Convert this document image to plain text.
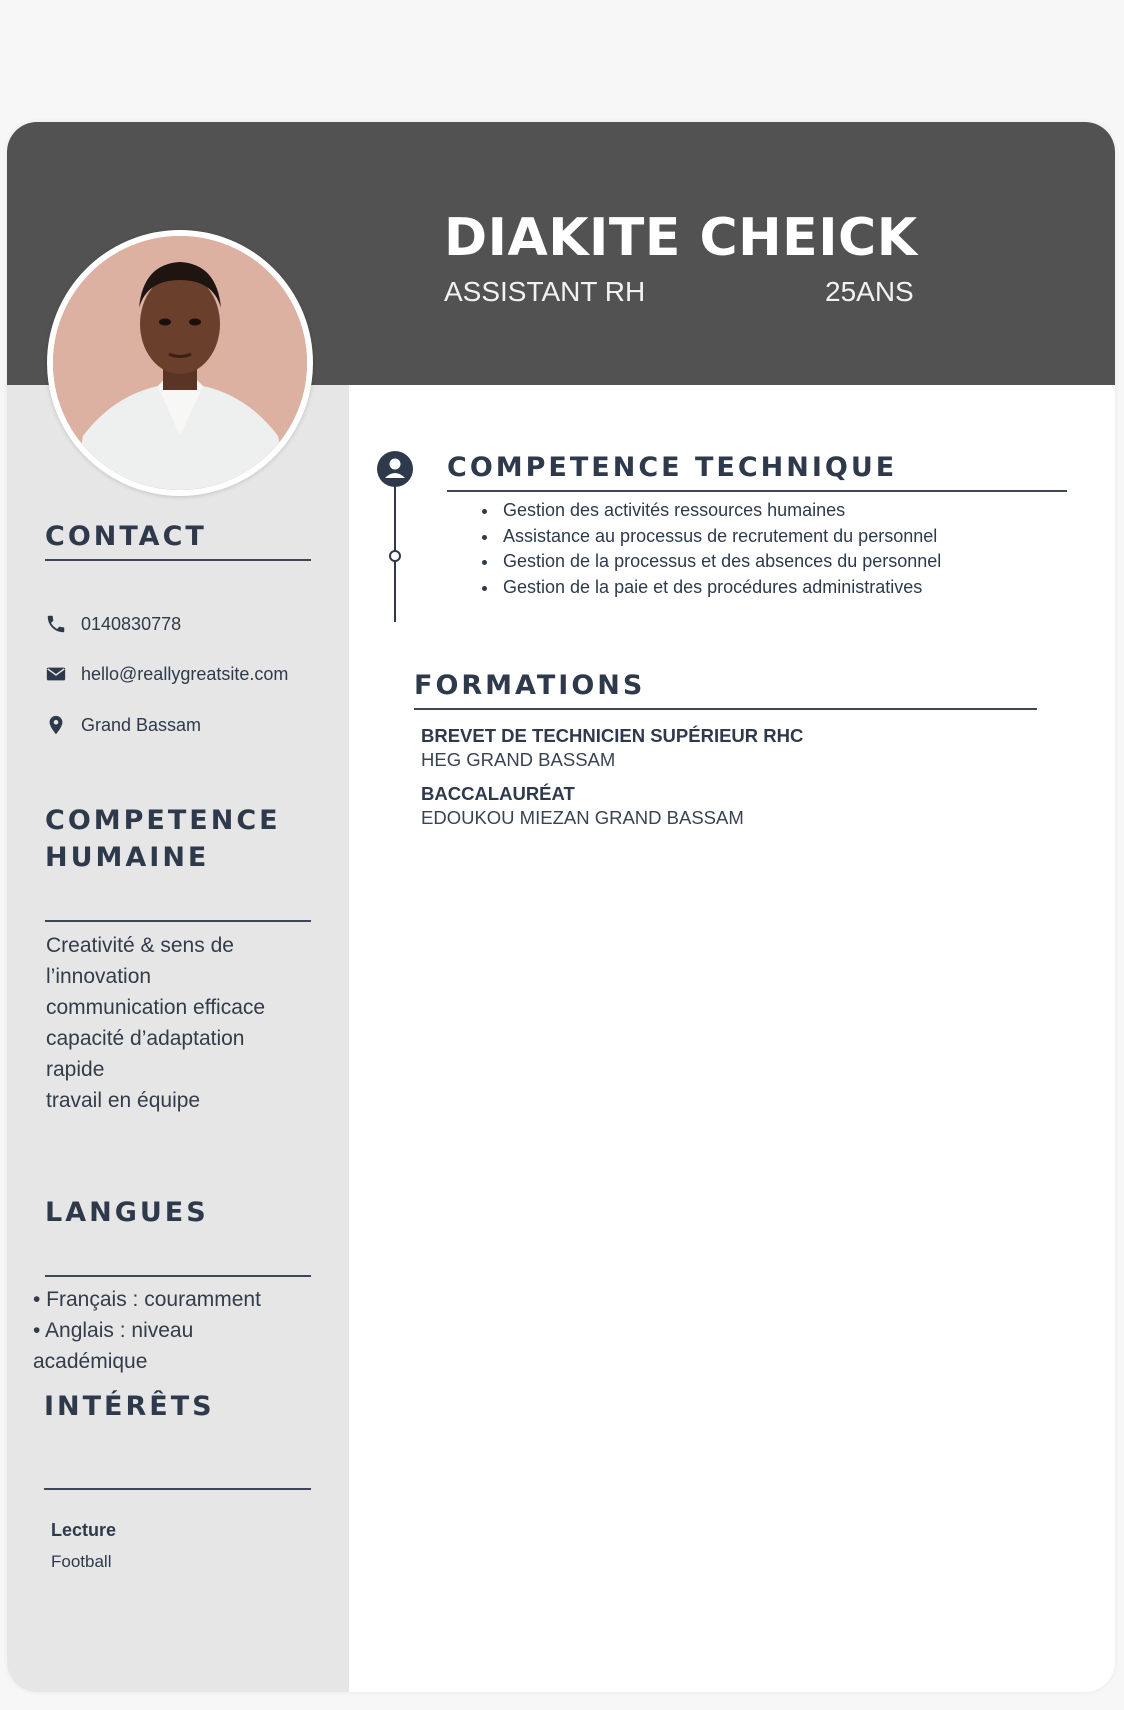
DIAKITE CHEICK
ASSISTANT RH	25ANS
CONTACT
0140830778
hello@reallygreatsite.com
Grand Bassam
COMPETENCE
HUMAINE
Creativité & sens de
l’innovation
communication efficace
capacité d’adaptation
rapide
travail en équipe
LANGUES
• Français : couramment
• Anglais : niveau
académique
INTÉRÊTS
Lecture
Football
COMPETENCE TECHNIQUE
• Gestion des activités ressources humaines
• Assistance au processus de recrutement du personnel
• Gestion de la processus et des absences du personnel
• Gestion de la paie et des procédures administratives
FORMATIONS
BREVET DE TECHNICIEN SUPÉRIEUR RHC
HEG GRAND BASSAM
BACCALAURÉAT
EDOUKOU MIEZAN GRAND BASSAM
